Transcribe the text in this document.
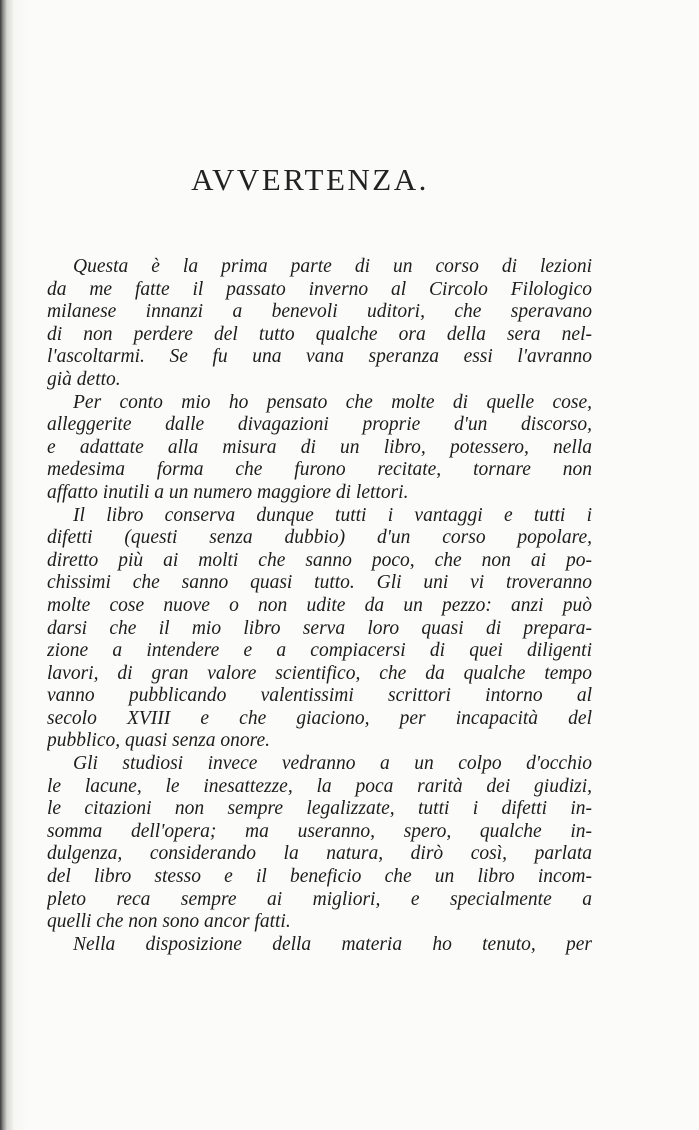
AVVERTENZA.
Questa è la prima parte di un corso di lezioni
da me fatte il passato inverno al Circolo Filologico
milanese innanzi a benevoli uditori, che speravano
di non perdere del tutto qualche ora della sera nel-
l'ascoltarmi. Se fu una vana speranza essi l'avranno
già detto.
Per conto mio ho pensato che molte di quelle cose,
alleggerite dalle divagazioni proprie d'un discorso,
e adattate alla misura di un libro, potessero, nella
medesima forma che furono recitate, tornare non
affatto inutili a un numero maggiore di lettori.
Il libro conserva dunque tutti i vantaggi e tutti i
difetti (questi senza dubbio) d'un corso popolare,
diretto più ai molti che sanno poco, che non ai po-
chissimi che sanno quasi tutto. Gli uni vi troveranno
molte cose nuove o non udite da un pezzo: anzi può
darsi che il mio libro serva loro quasi di prepara-
zione a intendere e a compiacersi di quei diligenti
lavori, di gran valore scientifico, che da qualche tempo
vanno pubblicando valentissimi scrittori intorno al
secolo XVIII e che giaciono, per incapacità del
pubblico, quasi senza onore.
Gli studiosi invece vedranno a un colpo d'occhio
le lacune, le inesattezze, la poca rarità dei giudizi,
le citazioni non sempre legalizzate, tutti i difetti in-
somma dell'opera; ma useranno, spero, qualche in-
dulgenza, considerando la natura, dirò così, parlata
del libro stesso e il beneficio che un libro incom-
pleto reca sempre ai migliori, e specialmente a
quelli che non sono ancor fatti.
Nella disposizione della materia ho tenuto, per
